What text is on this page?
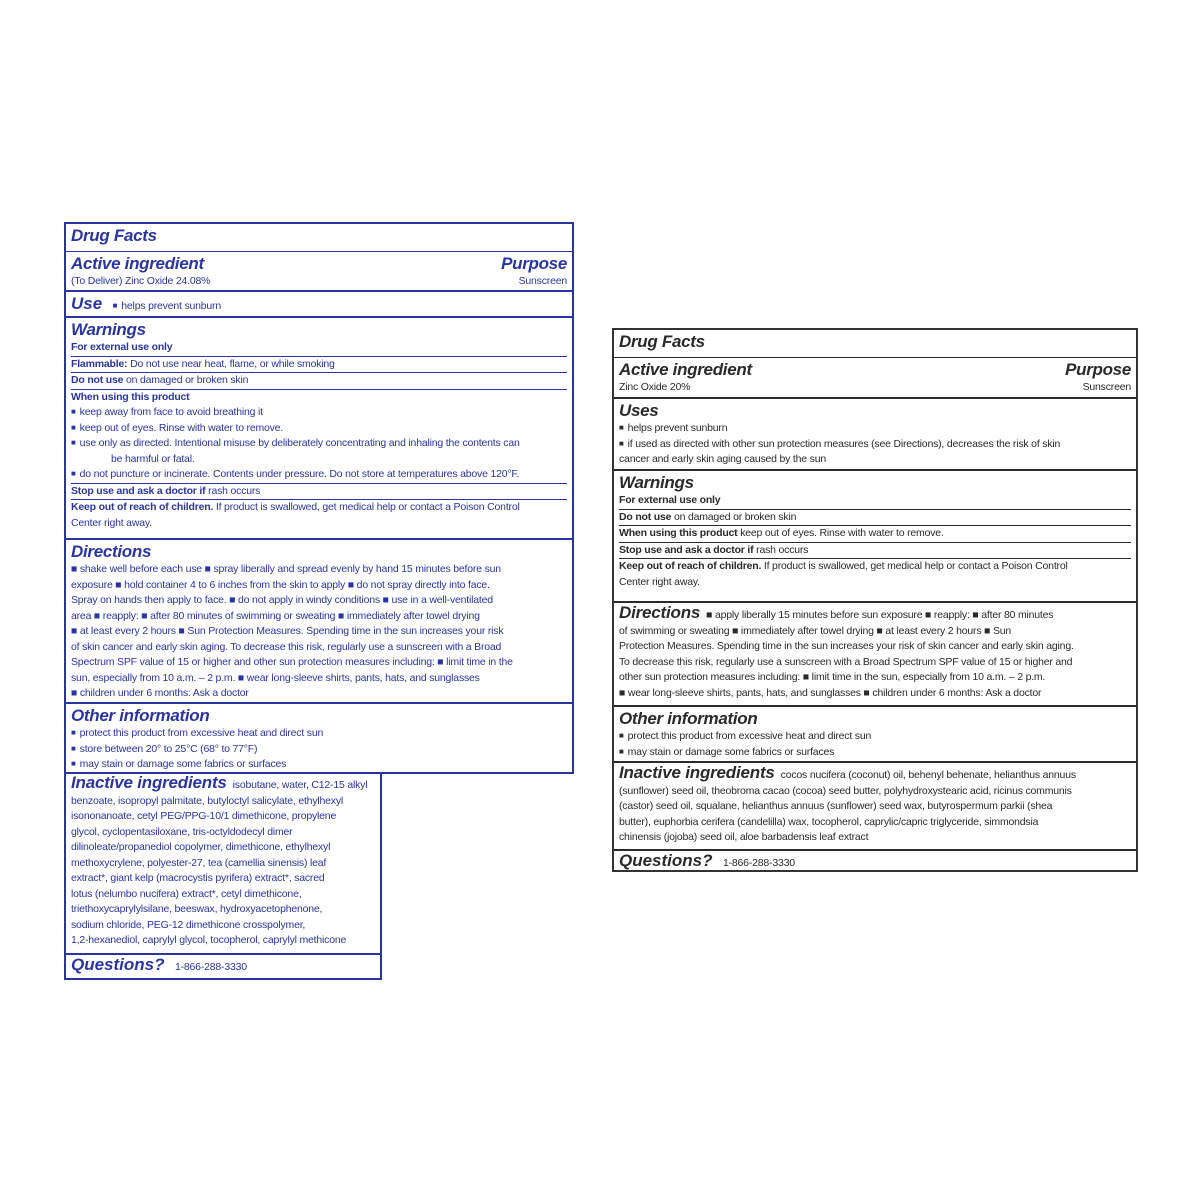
Drug Facts
Active ingredient	Purpose
(To Deliver) Zinc Oxide 24.08%	Sunscreen
Use ■ helps prevent sunburn
Warnings
For external use only
Flammable: Do not use near heat, flame, or while smoking
Do not use on damaged or broken skin
When using this product
■ keep away from face to avoid breathing it
■ keep out of eyes. Rinse with water to remove.
■ use only as directed. Intentional misuse by deliberately concentrating and inhaling the contents can
be harmful or fatal.
■ do not puncture or incinerate. Contents under pressure. Do not store at temperatures above 120°F.
Stop use and ask a doctor if rash occurs
Keep out of reach of children. If product is swallowed, get medical help or contact a Poison Control
Center right away.
Directions
■ shake well before each use ■ spray liberally and spread evenly by hand 15 minutes before sun
exposure ■ hold container 4 to 6 inches from the skin to apply ■ do not spray directly into face.
Spray on hands then apply to face. ■ do not apply in windy conditions ■ use in a well-ventilated
area ■ reapply: ■ after 80 minutes of swimming or sweating ■ immediately after towel drying
■ at least every 2 hours ■ Sun Protection Measures. Spending time in the sun increases your risk
of skin cancer and early skin aging. To decrease this risk, regularly use a sunscreen with a Broad
Spectrum SPF value of 15 or higher and other sun protection measures including: ■ limit time in the
sun, especially from 10 a.m. – 2 p.m. ■ wear long-sleeve shirts, pants, hats, and sunglasses
■ children under 6 months: Ask a doctor
Other information
■ protect this product from excessive heat and direct sun
■ store between 20° to 25°C (68° to 77°F)
■ may stain or damage some fabrics or surfaces
Inactive ingredients isobutane, water, C12-15 alkyl
benzoate, isopropyl palmitate, butyloctyl salicylate, ethylhexyl
isononanoate, cetyl PEG/PPG-10/1 dimethicone, propylene
glycol, cyclopentasiloxane, tris-octyldodecyl dimer
dilinoleate/propanediol copolymer, dimethicone, ethylhexyl
methoxycrylene, polyester-27, tea (camellia sinensis) leaf
extract*, giant kelp (macrocystis pyrifera) extract*, sacred
lotus (nelumbo nucifera) extract*, cetyl dimethicone,
triethoxycaprylylsilane, beeswax, hydroxyacetophenone,
sodium chloride, PEG-12 dimethicone crosspolymer,
1,2-hexanediol, caprylyl glycol, tocopherol, caprylyl methicone
Questions? 1-866-288-3330
Drug Facts
Active ingredient	Purpose
Zinc Oxide 20%	Sunscreen
Uses
■ helps prevent sunburn
■ if used as directed with other sun protection measures (see Directions), decreases the risk of skin
cancer and early skin aging caused by the sun
Warnings
For external use only
Do not use on damaged or broken skin
When using this product keep out of eyes. Rinse with water to remove.
Stop use and ask a doctor if rash occurs
Keep out of reach of children. If product is swallowed, get medical help or contact a Poison Control
Center right away.
Directions ■ apply liberally 15 minutes before sun exposure ■ reapply: ■ after 80 minutes
of swimming or sweating ■ immediately after towel drying ■ at least every 2 hours ■ Sun
Protection Measures. Spending time in the sun increases your risk of skin cancer and early skin aging.
To decrease this risk, regularly use a sunscreen with a Broad Spectrum SPF value of 15 or higher and
other sun protection measures including: ■ limit time in the sun, especially from 10 a.m. – 2 p.m.
■ wear long-sleeve shirts, pants, hats, and sunglasses ■ children under 6 months: Ask a doctor
Other information
■ protect this product from excessive heat and direct sun
■ may stain or damage some fabrics or surfaces
Inactive ingredients cocos nucifera (coconut) oil, behenyl behenate, helianthus annuus
(sunflower) seed oil, theobroma cacao (cocoa) seed butter, polyhydroxystearic acid, ricinus communis
(castor) seed oil, squalane, helianthus annuus (sunflower) seed wax, butyrospermum parkii (shea
butter), euphorbia cerifera (candelilla) wax, tocopherol, caprylic/capric triglyceride, simmondsia
chinensis (jojoba) seed oil, aloe barbadensis leaf extract
Questions? 1-866-288-3330
